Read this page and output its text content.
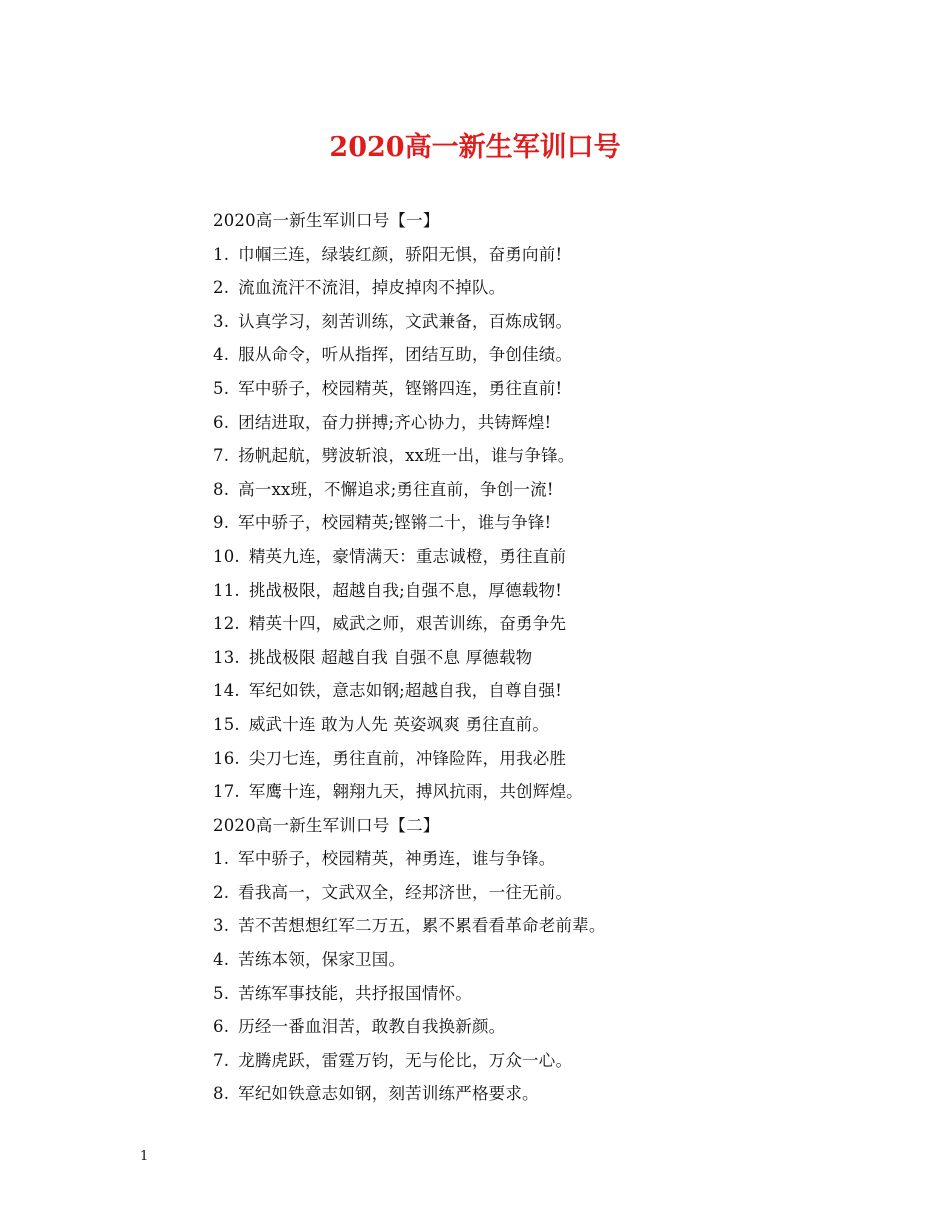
2020高一新生军训口号
2020高一新生军训口号【一】
1. 巾帼三连，绿装红颜，骄阳无惧，奋勇向前!
2. 流血流汗不流泪，掉皮掉肉不掉队。
3. 认真学习，刻苦训练，文武兼备，百炼成钢。
4. 服从命令，听从指挥，团结互助，争创佳绩。
5. 军中骄子，校园精英，铿锵四连，勇往直前!
6. 团结进取，奋力拼搏;齐心协力，共铸辉煌!
7. 扬帆起航，劈波斩浪，xx班一出，谁与争锋。
8. 高一xx班，不懈追求;勇往直前，争创一流!
9. 军中骄子，校园精英;铿锵二十，谁与争锋!
10. 精英九连，豪情满天：重志诚橙，勇往直前
11. 挑战极限，超越自我;自强不息，厚德载物!
12. 精英十四，威武之师，艰苦训练，奋勇争先
13. 挑战极限 超越自我 自强不息 厚德载物
14. 军纪如铁，意志如钢;超越自我，自尊自强!
15. 威武十连 敢为人先 英姿飒爽 勇往直前。
16. 尖刀七连，勇往直前，冲锋险阵，用我必胜
17. 军鹰十连，翱翔九天，搏风抗雨，共创辉煌。
2020高一新生军训口号【二】
1. 军中骄子，校园精英，神勇连，谁与争锋。
2. 看我高一，文武双全，经邦济世，一往无前。
3. 苦不苦想想红军二万五，累不累看看革命老前辈。
4. 苦练本领，保家卫国。
5. 苦练军事技能，共抒报国情怀。
6. 历经一番血泪苦，敢教自我换新颜。
7. 龙腾虎跃，雷霆万钧，无与伦比，万众一心。
8. 军纪如铁意志如钢，刻苦训练严格要求。
1
